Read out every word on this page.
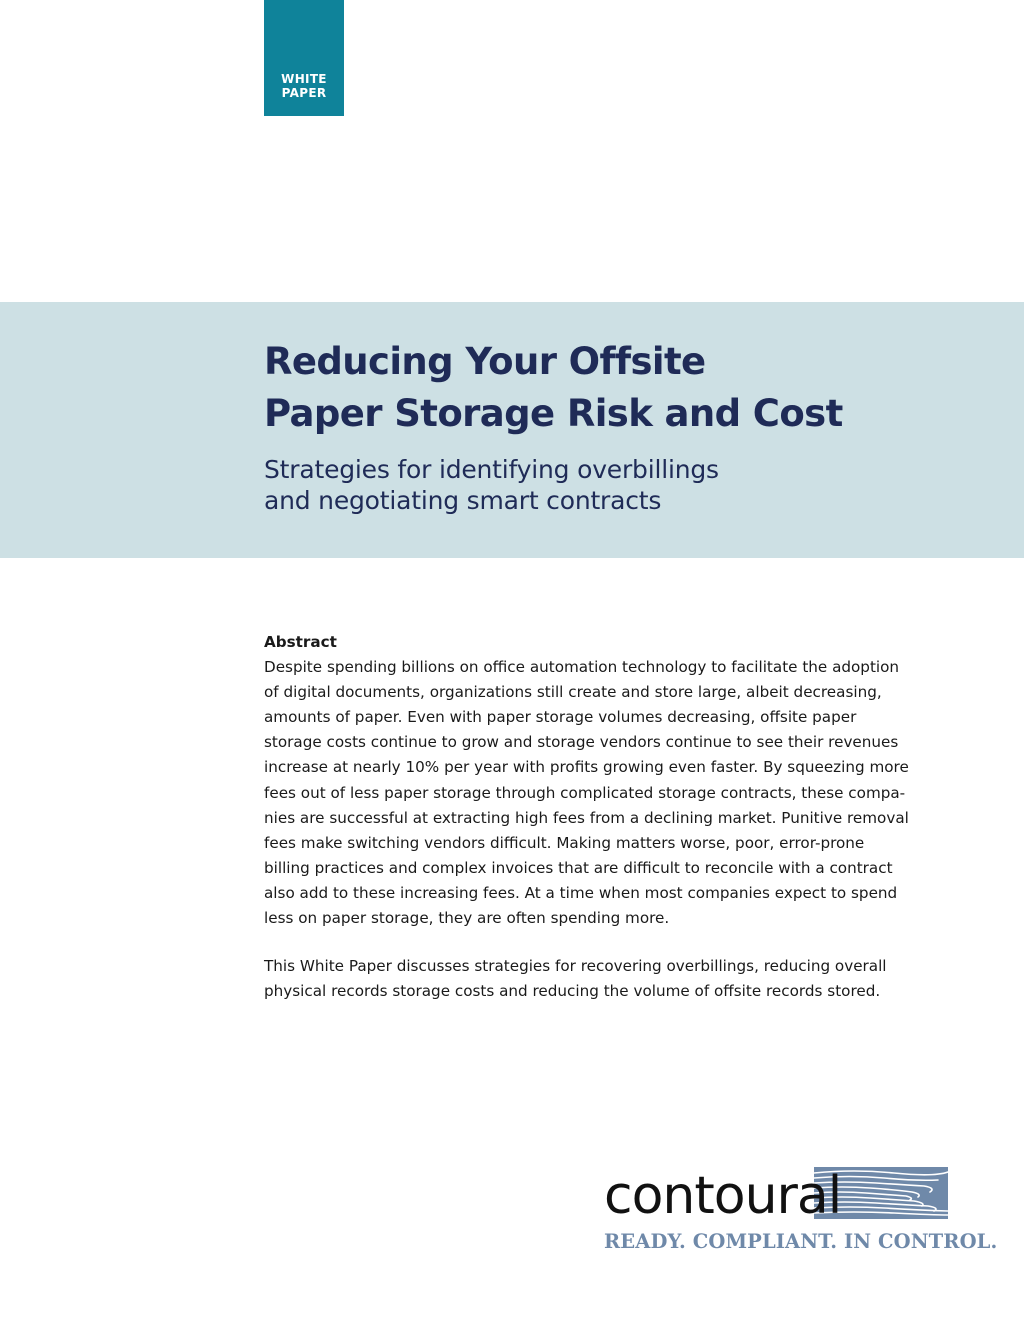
WHITE
PAPER
Reducing Your Offsite
Paper Storage Risk and Cost
Strategies for identifying overbillings
and negotiating smart contracts
Abstract

Despite spending billions on office automation technology to facilitate the adoption
of digital documents, organizations still create and store large, albeit decreasing,
amounts of paper. Even with paper storage volumes decreasing, offsite paper
storage costs continue to grow and storage vendors continue to see their revenues
increase at nearly 10% per year with profits growing even faster. By squeezing more
fees out of less paper storage through complicated storage contracts, these compa-
nies are successful at extracting high fees from a declining market. Punitive removal
fees make switching vendors difficult. Making matters worse, poor, error-prone
billing practices and complex invoices that are difficult to reconcile with a contract
also add to these increasing fees. At a time when most companies expect to spend
less on paper storage, they are often spending more.

This White Paper discusses strategies for recovering overbillings, reducing overall
physical records storage costs and reducing the volume of offsite records stored.

contoural
READY. COMPLIANT. IN CONTROL.
